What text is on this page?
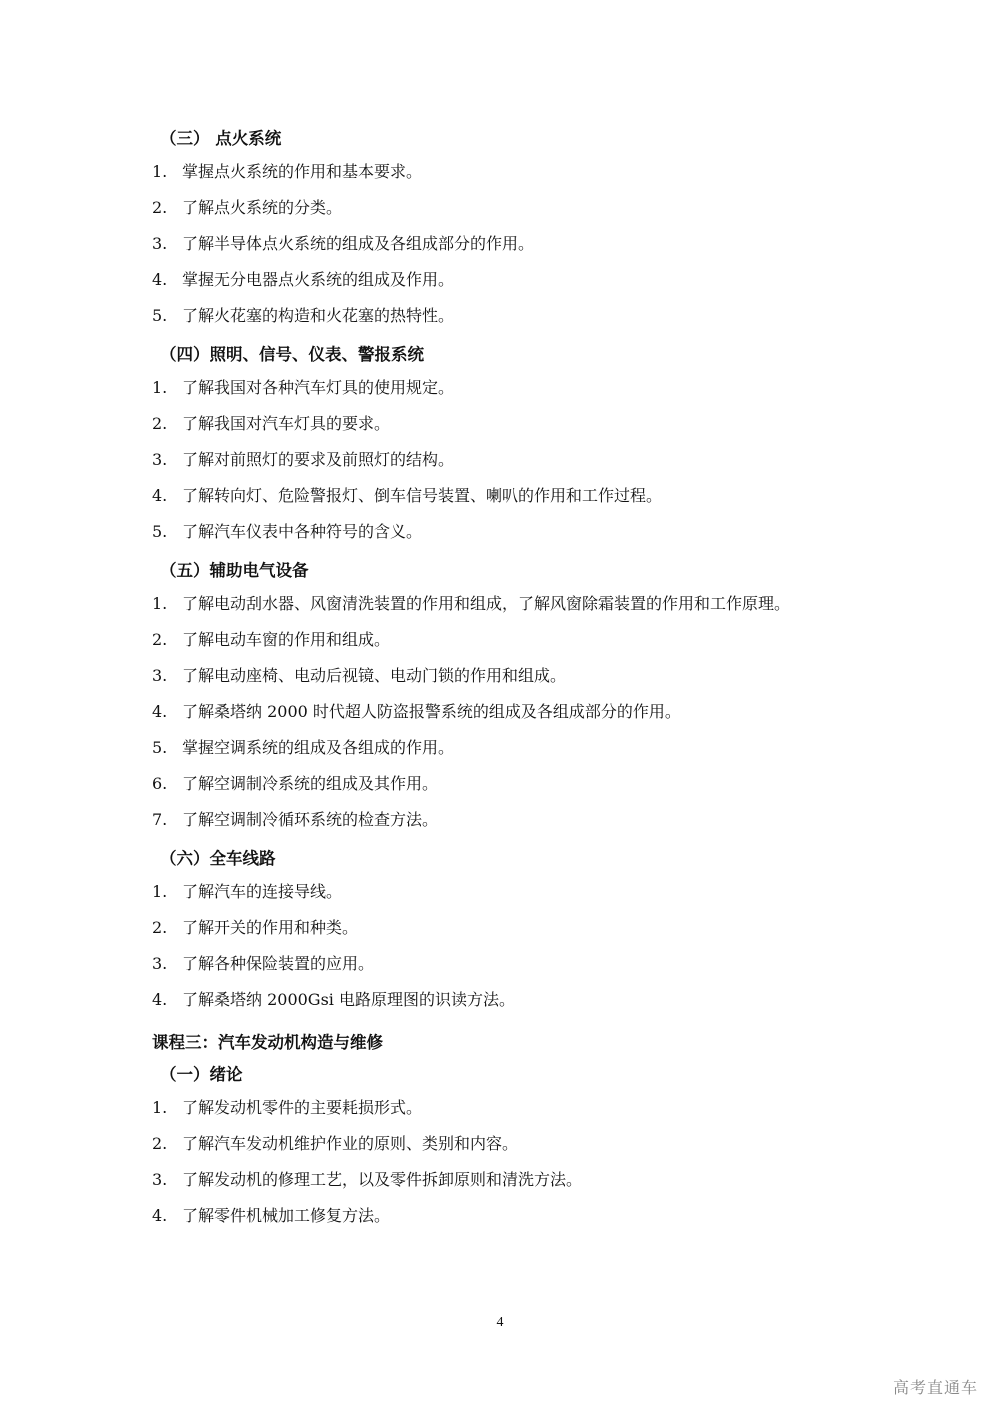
（三） 点火系统
1. 掌握点火系统的作用和基本要求。
2. 了解点火系统的分类。
3. 了解半导体点火系统的组成及各组成部分的作用。
4. 掌握无分电器点火系统的组成及作用。
5. 了解火花塞的构造和火花塞的热特性。
（四）照明、信号、仪表、警报系统
1. 了解我国对各种汽车灯具的使用规定。
2. 了解我国对汽车灯具的要求。
3. 了解对前照灯的要求及前照灯的结构。
4. 了解转向灯、危险警报灯、倒车信号装置、喇叭的作用和工作过程。
5. 了解汽车仪表中各种符号的含义。
（五）辅助电气设备
1. 了解电动刮水器、风窗清洗装置的作用和组成，了解风窗除霜装置的作用和工作原理。
2. 了解电动车窗的作用和组成。
3. 了解电动座椅、电动后视镜、电动门锁的作用和组成。
4. 了解桑塔纳 2000 时代超人防盗报警系统的组成及各组成部分的作用。
5. 掌握空调系统的组成及各组成的作用。
6. 了解空调制冷系统的组成及其作用。
7. 了解空调制冷循环系统的检查方法。
（六）全车线路
1. 了解汽车的连接导线。
2. 了解开关的作用和种类。
3. 了解各种保险装置的应用。
4. 了解桑塔纳 2000Gsi 电路原理图的识读方法。
课程三：汽车发动机构造与维修
（一）绪论
1. 了解发动机零件的主要耗损形式。
2. 了解汽车发动机维护作业的原则、类别和内容。
3. 了解发动机的修理工艺，以及零件拆卸原则和清洗方法。
4. 了解零件机械加工修复方法。
4
高考直通车
